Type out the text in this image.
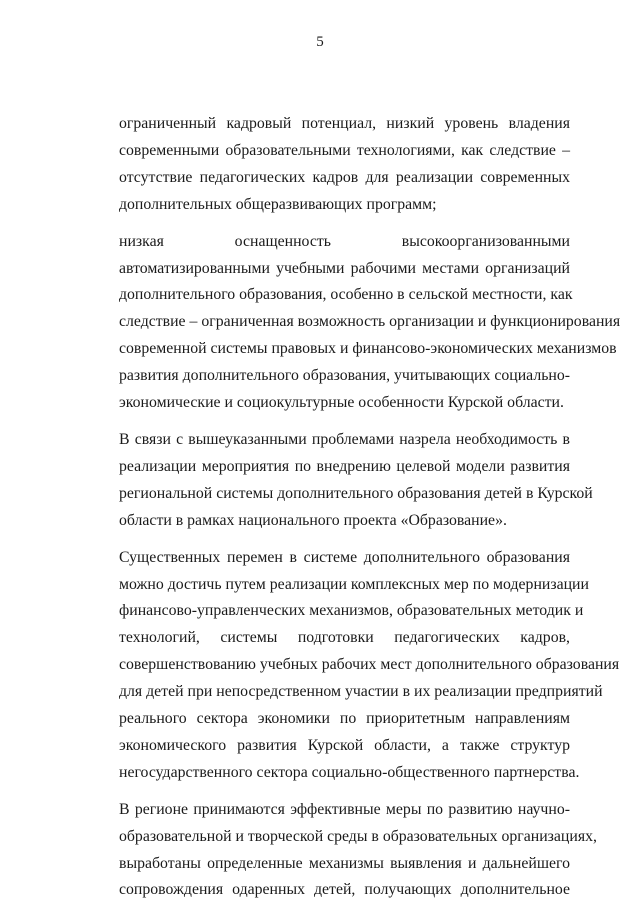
5
ограниченный кадровый потенциал, низкий уровень владения
современными образовательными технологиями, как следствие –
отсутствие педагогических кадров для реализации современных
дополнительных общеразвивающих программ;
низкая оснащенность высокоорганизованными
автоматизированными учебными рабочими местами организаций
дополнительного образования, особенно в сельской местности, как
следствие – ограниченная возможность организации и функционирования
современной системы правовых и финансово-экономических механизмов
развития дополнительного образования, учитывающих социально-
экономические и социокультурные особенности Курской области.
В связи с вышеуказанными проблемами назрела необходимость в
реализации мероприятия по внедрению целевой модели развития
региональной системы дополнительного образования детей в Курской
области в рамках национального проекта «Образование».
Существенных перемен в системе дополнительного образования
можно достичь путем реализации комплексных мер по модернизации
финансово-управленческих механизмов, образовательных методик и
технологий, системы подготовки педагогических кадров,
совершенствованию учебных рабочих мест дополнительного образования
для детей при непосредственном участии в их реализации предприятий
реального сектора экономики по приоритетным направлениям
экономического развития Курской области, а также структур
негосударственного сектора социально-общественного партнерства.
В регионе принимаются эффективные меры по развитию научно-
образовательной и творческой среды в образовательных организациях,
выработаны определенные механизмы выявления и дальнейшего
сопровождения одаренных детей, получающих дополнительное
